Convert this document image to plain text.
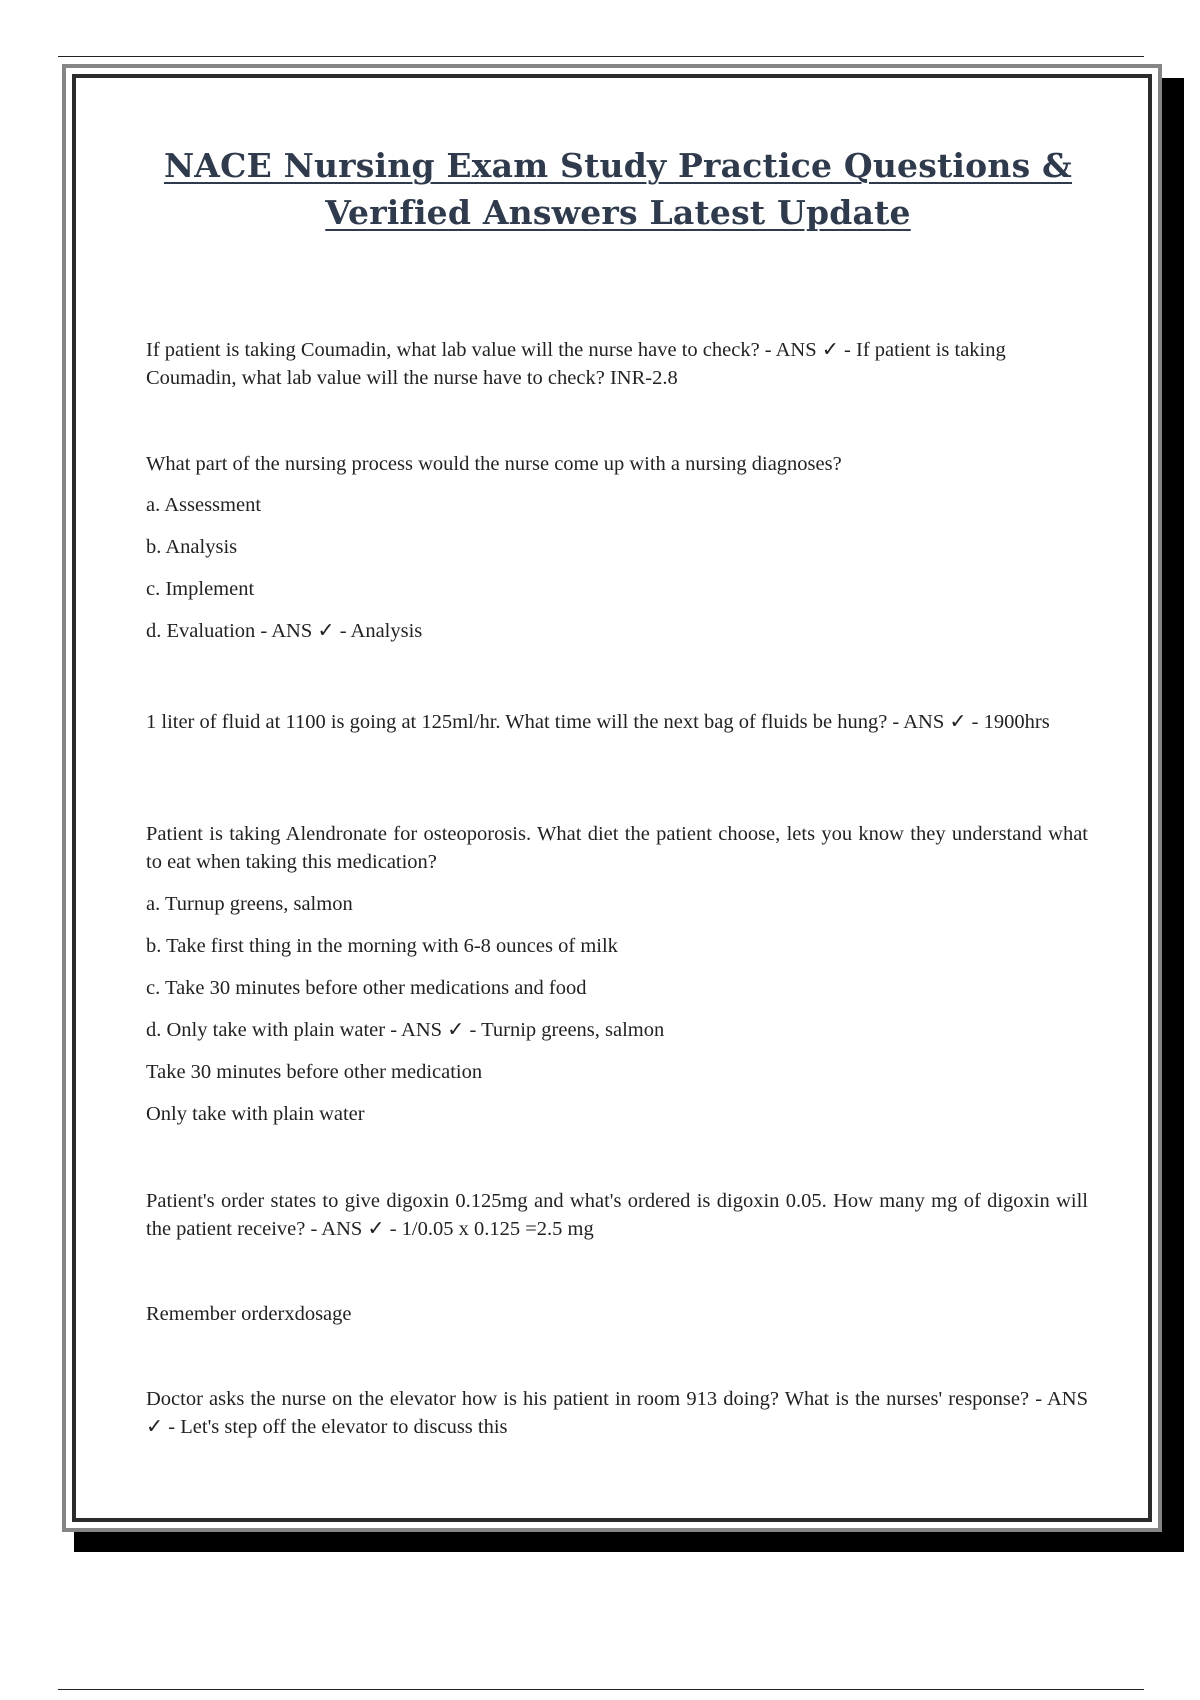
NACE Nursing Exam Study Practice Questions &
Verified Answers Latest Update

If patient is taking Coumadin, what lab value will the nurse have to check? - ANS ✓ - If patient is taking Coumadin, what lab value will the nurse have to check? INR-2.8

What part of the nursing process would the nurse come up with a nursing diagnoses?

a. Assessment

b. Analysis

c. Implement

d. Evaluation - ANS ✓ - Analysis

1 liter of fluid at 1100 is going at 125ml/hr. What time will the next bag of fluids be hung? - ANS ✓ - 1900hrs

Patient is taking Alendronate for osteoporosis. What diet the patient choose, lets you know they understand what to eat when taking this medication?

a. Turnup greens, salmon

b. Take first thing in the morning with 6-8 ounces of milk

c. Take 30 minutes before other medications and food

d. Only take with plain water - ANS ✓ - Turnip greens, salmon

Take 30 minutes before other medication

Only take with plain water

Patient's order states to give digoxin 0.125mg and what's ordered is digoxin 0.05. How many mg of digoxin will the patient receive? - ANS ✓ - 1/0.05 x 0.125 =2.5 mg

Remember orderxdosage

Doctor asks the nurse on the elevator how is his patient in room 913 doing? What is the nurses' response? - ANS ✓ - Let's step off the elevator to discuss this
